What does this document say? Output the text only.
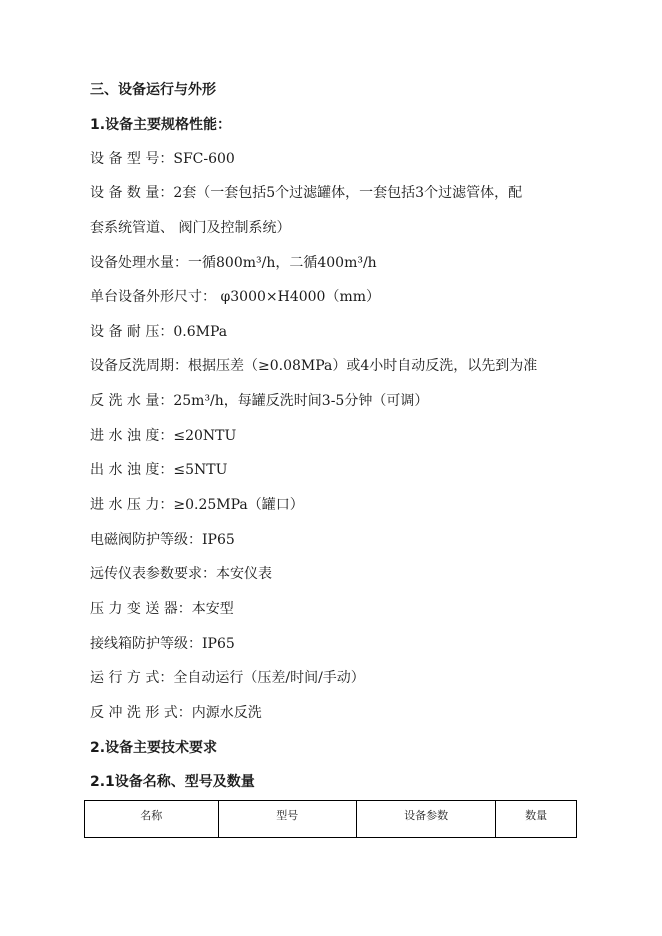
三、设备运行与外形
1.设备主要规格性能：
设 备 型 号：SFC-600
设 备 数 量：2套（一套包括5个过滤罐体，一套包括3个过滤管体，配
套系统管道、 阀门及控制系统）
设备处理水量：一循800m³/h，二循400m³/h
单台设备外形尺寸： φ3000×H4000（mm）
设 备 耐 压：0.6MPa
设备反洗周期：根据压差（≥0.08MPa）或4小时自动反洗，以先到为准
反 洗 水 量：25m³/h，每罐反洗时间3-5分钟（可调）
进 水 浊 度：≤20NTU
出 水 浊 度：≤5NTU
进 水 压 力：≥0.25MPa（罐口）
电磁阀防护等级：IP65
远传仪表参数要求：本安仪表
压 力 变 送 器：本安型
接线箱防护等级：IP65
运 行 方 式：全自动运行（压差/时间/手动）
反 冲 洗 形 式：内源水反洗
2.设备主要技术要求
2.1设备名称、型号及数量
名称	型号	设备参数	数量
